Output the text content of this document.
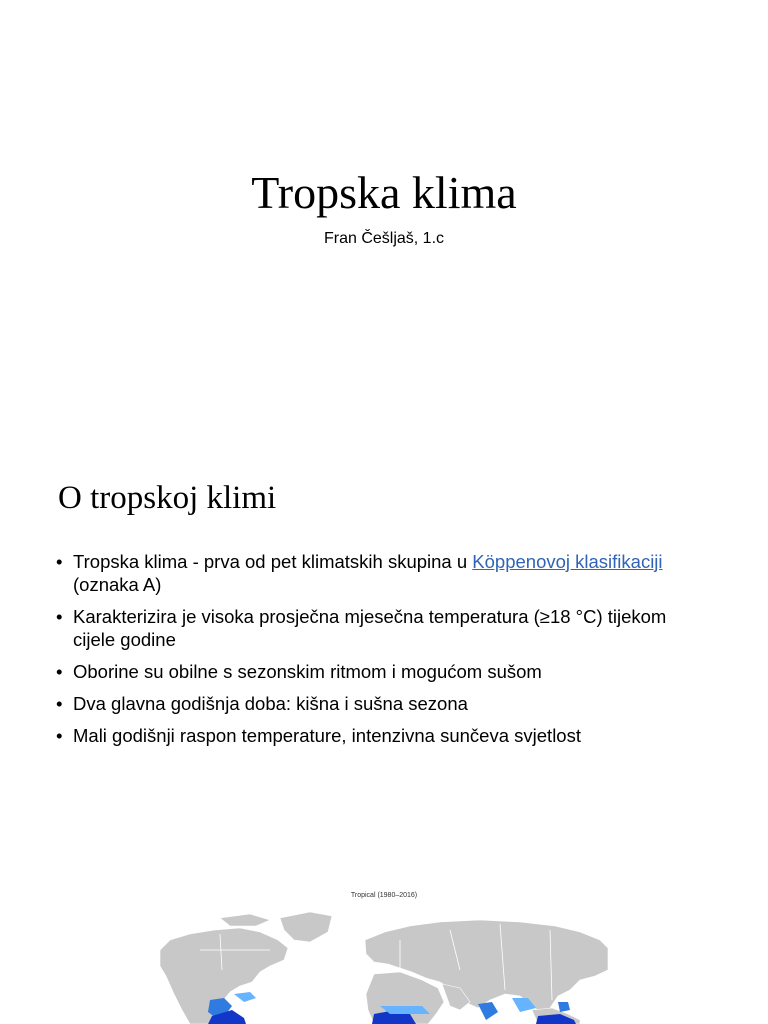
Tropska klima
Fran Češljaš, 1.c
O tropskoj klimi
• Tropska klima - prva od pet klimatskih skupina u Köppenovoj klasifikaciji (oznaka A)
• Karakterizira je visoka prosječna mjesečna temperatura (≥18 °C) tijekom cijele godine
• Oborine su obilne s sezonskim ritmom i mogućom sušom
• Dva glavna godišnja doba: kišna i sušna sezona
• Mali godišnji raspon temperature, intenzivna sunčeva svjetlost
Tropical (1980–2016)
